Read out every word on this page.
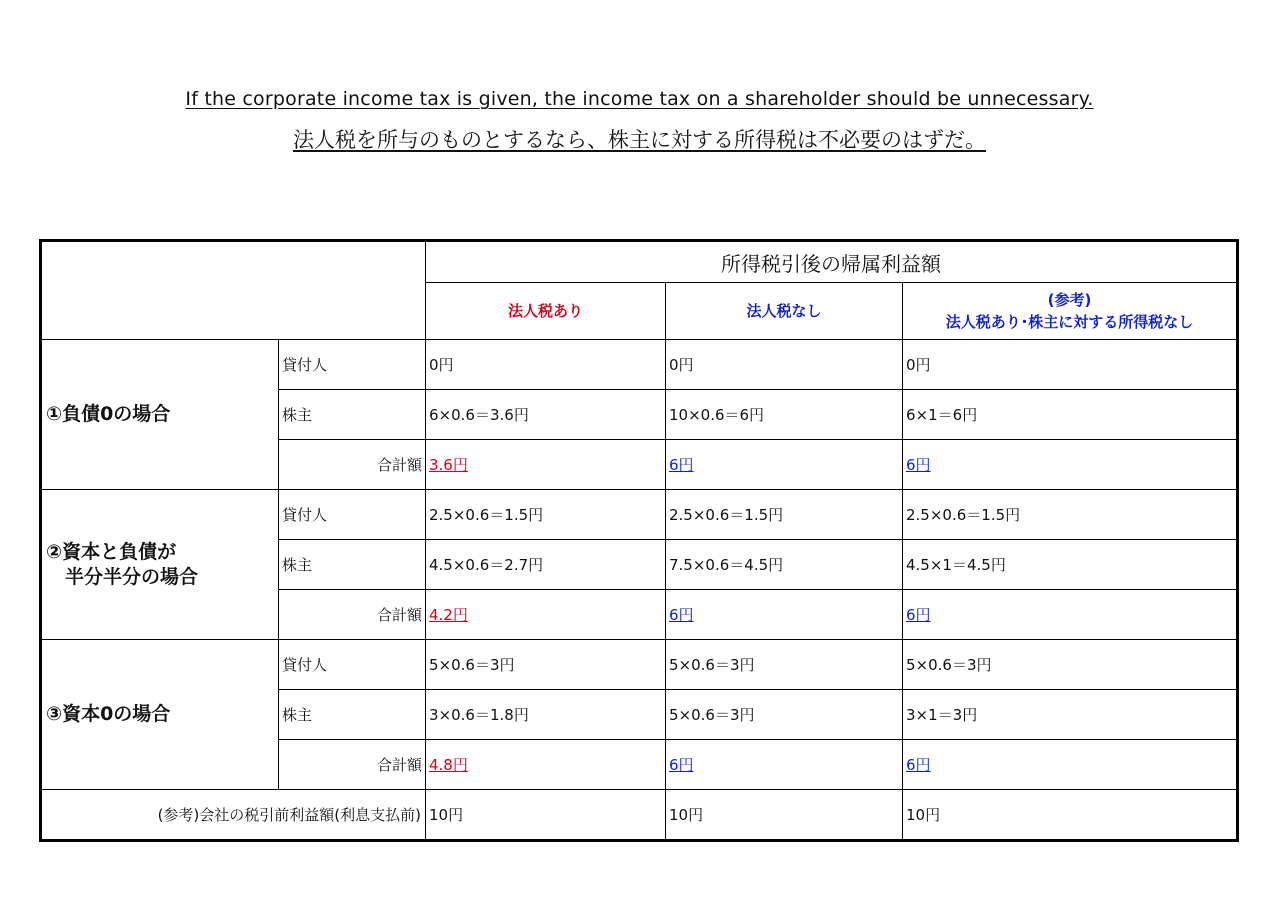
If the corporate income tax is given, the income tax on a shareholder should be unnecessary.
法人税を所与のものとするなら、株主に対する所得税は不必要のはずだ。
		所得税引後の帰属利益額		
		法人税あり	法人税なし	(参考)
法人税あり･株主に対する所得税なし

①負債0の場合	貸付人	0円	0円	0円
	株主	6×0.6＝3.6円	10×0.6＝6円	6×1＝6円
	合計額	3.6円	6円	6円

②資本と負債が
　半分半分の場合	貸付人	2.5×0.6＝1.5円	2.5×0.6＝1.5円	2.5×0.6＝1.5円
	株主	4.5×0.6＝2.7円	7.5×0.6＝4.5円	4.5×1＝4.5円
	合計額	4.2円	6円	6円

③資本0の場合	貸付人	5×0.6＝3円	5×0.6＝3円	5×0.6＝3円
	株主	3×0.6＝1.8円	5×0.6＝3円	3×1＝3円
	合計額	4.8円	6円	6円
(参考)会社の税引前利益額(利息支払前)		10円	10円	10円
